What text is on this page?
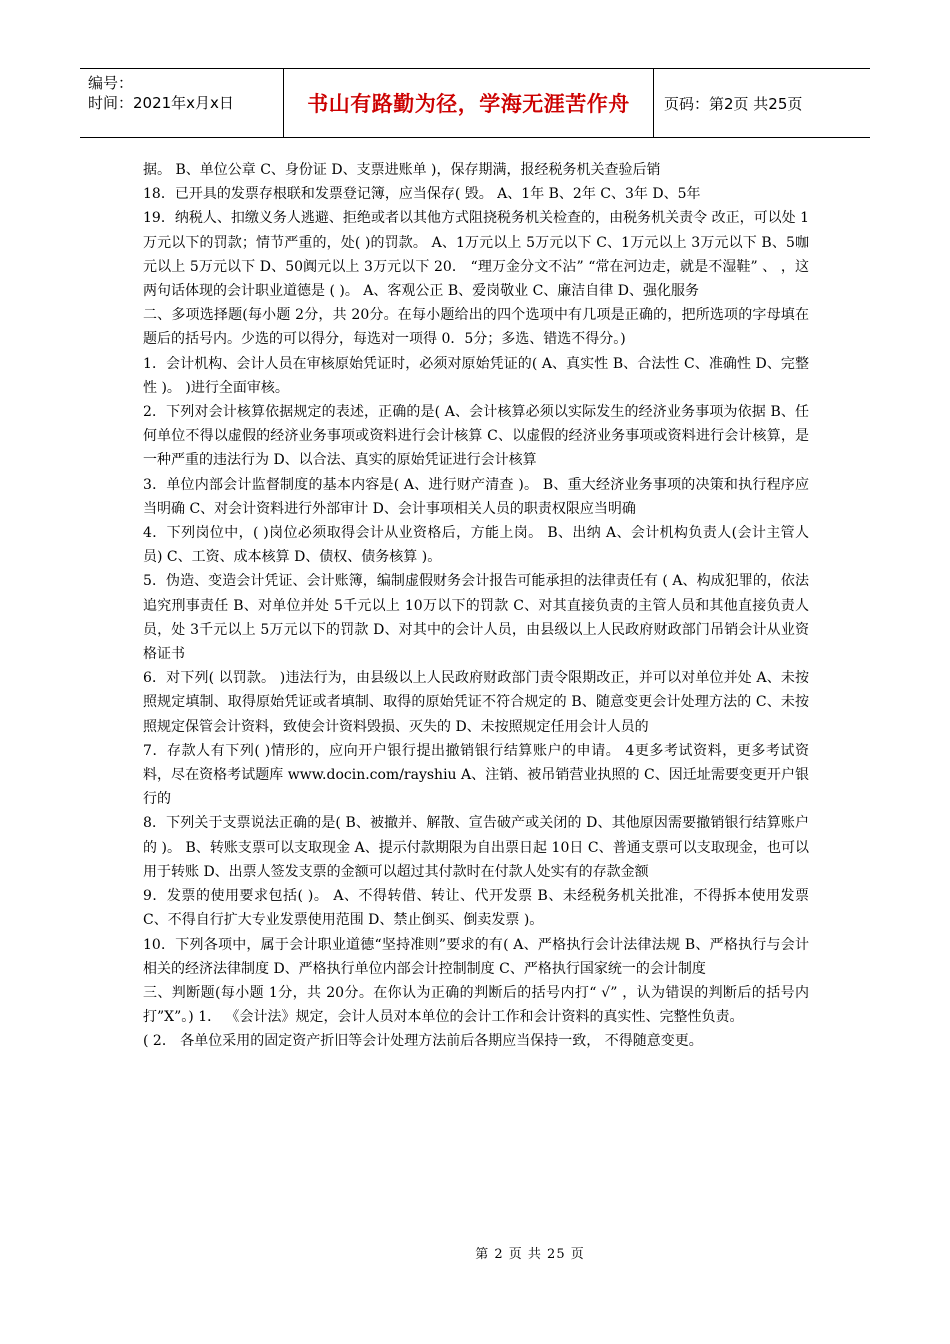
编号：
时间：2021年x月x日	书山有路勤为径，学海无涯苦作舟	页码：第2页 共25页

据。 B、单位公章 C、身份证 D、支票进账单 )，保存期满，报经税务机关查验后销

18．已开具的发票存根联和发票登记簿，应当保存( 毁。 A、1年 B、2年 C、3年 D、5年

19．纳税人、扣缴义务人逃避、拒绝或者以其他方式阻挠税务机关检查的，由税务机关责令 改正，可以处 1万元以下的罚款；情节严重的，处( )的罚款。 A、1万元以上 5万元以下 C、1万元以上 3万元以下 B、5咖元以上 5万元以下 D、50阗元以上 3万元以下 20． “理万金分文不沾” “常在河边走，就是不湿鞋” 、 ，这两句话体现的会计职业道德是 ( )。 A、客观公正 B、爱岗敬业 C、廉洁自律 D、强化服务

二、多项选择题(每小题 2分，共 20分。在每小题给出的四个选项中有几项是正确的，把所选项的字母填在题后的括号内。少选的可以得分，每选对一项得 0．5分；多选、错选不得分。)

1．会计机构、会计人员在审核原始凭证时，必须对原始凭证的( A、真实性 B、合法性 C、准确性 D、完整性 )。 )进行全面审核。

2．下列对会计核算依据规定的表述，正确的是( A、会计核算必须以实际发生的经济业务事项为依据 B、任何单位不得以虚假的经济业务事项或资料进行会计核算 C、以虚假的经济业务事项或资料进行会计核算，是一种严重的违法行为 D、以合法、真实的原始凭证进行会计核算

3．单位内部会计监督制度的基本内容是( A、进行财产清查 )。 B、重大经济业务事项的决策和执行程序应当明确 C、对会计资料进行外部审计 D、会计事项相关人员的职责权限应当明确

4．下列岗位中，( )岗位必须取得会计从业资格后，方能上岗。 B、出纳 A、会计机构负责人(会计主管人员) C、工资、成本核算 D、债权、债务核算 )。

5．伪造、变造会计凭证、会计账簿，编制虚假财务会计报告可能承担的法律责任有 ( A、构成犯罪的，依法追究刑事责任 B、对单位并处 5千元以上 10万以下的罚款 C、对其直接负责的主管人员和其他直接负责人员，处 3千元以上 5万元以下的罚款 D、对其中的会计人员，由县级以上人民政府财政部门吊销会计从业资格证书

6．对下列( 以罚款。 )违法行为，由县级以上人民政府财政部门责令限期改正，并可以对单位并处 A、未按照规定填制、取得原始凭证或者填制、取得的原始凭证不符合规定的 B、随意变更会计处理方法的 C、未按照规定保管会计资料，致使会计资料毁损、灭失的 D、未按照规定任用会计人员的

7．存款人有下列( )情形的，应向开户银行提出撤销银行结算账户的申请。 4更多考试资料，更多考试资料，尽在资格考试题库 www.docin.com/rayshiu A、注销、被吊销营业执照的 C、因迁址需要变更开户银行的

8．下列关于支票说法正确的是( B、被撤并、解散、宣告破产或关闭的 D、其他原因需要撤销银行结算账户的 )。 B、转账支票可以支取现金 A、提示付款期限为自出票日起 10日 C、普通支票可以支取现金，也可以用于转账 D、出票人签发支票的金额可以超过其付款时在付款人处实有的存款金额

9．发票的使用要求包括( )。 A、不得转借、转让、代开发票 B、未经税务机关批准，不得拆本使用发票 C、不得自行扩大专业发票使用范围 D、禁止倒买、倒卖发票 )。

10．下列各项中，属于会计职业道德“坚持准则”要求的有( A、严格执行会计法律法规 B、严格执行与会计相关的经济法律制度 D、严格执行单位内部会计控制制度 C、严格执行国家统一的会计制度

三、判断题(每小题 1分，共 20分。在你认为正确的判断后的括号内打“ √” ，认为错误的判断后的括号内打”X”。) 1． 《会计法》规定，会计人员对本单位的会计工作和会计资料的真实性、完整性负责。

( 2． 各单位采用的固定资产折旧等会计处理方法前后各期应当保持一致， 不得随意变更。

第 2 页 共 25 页
